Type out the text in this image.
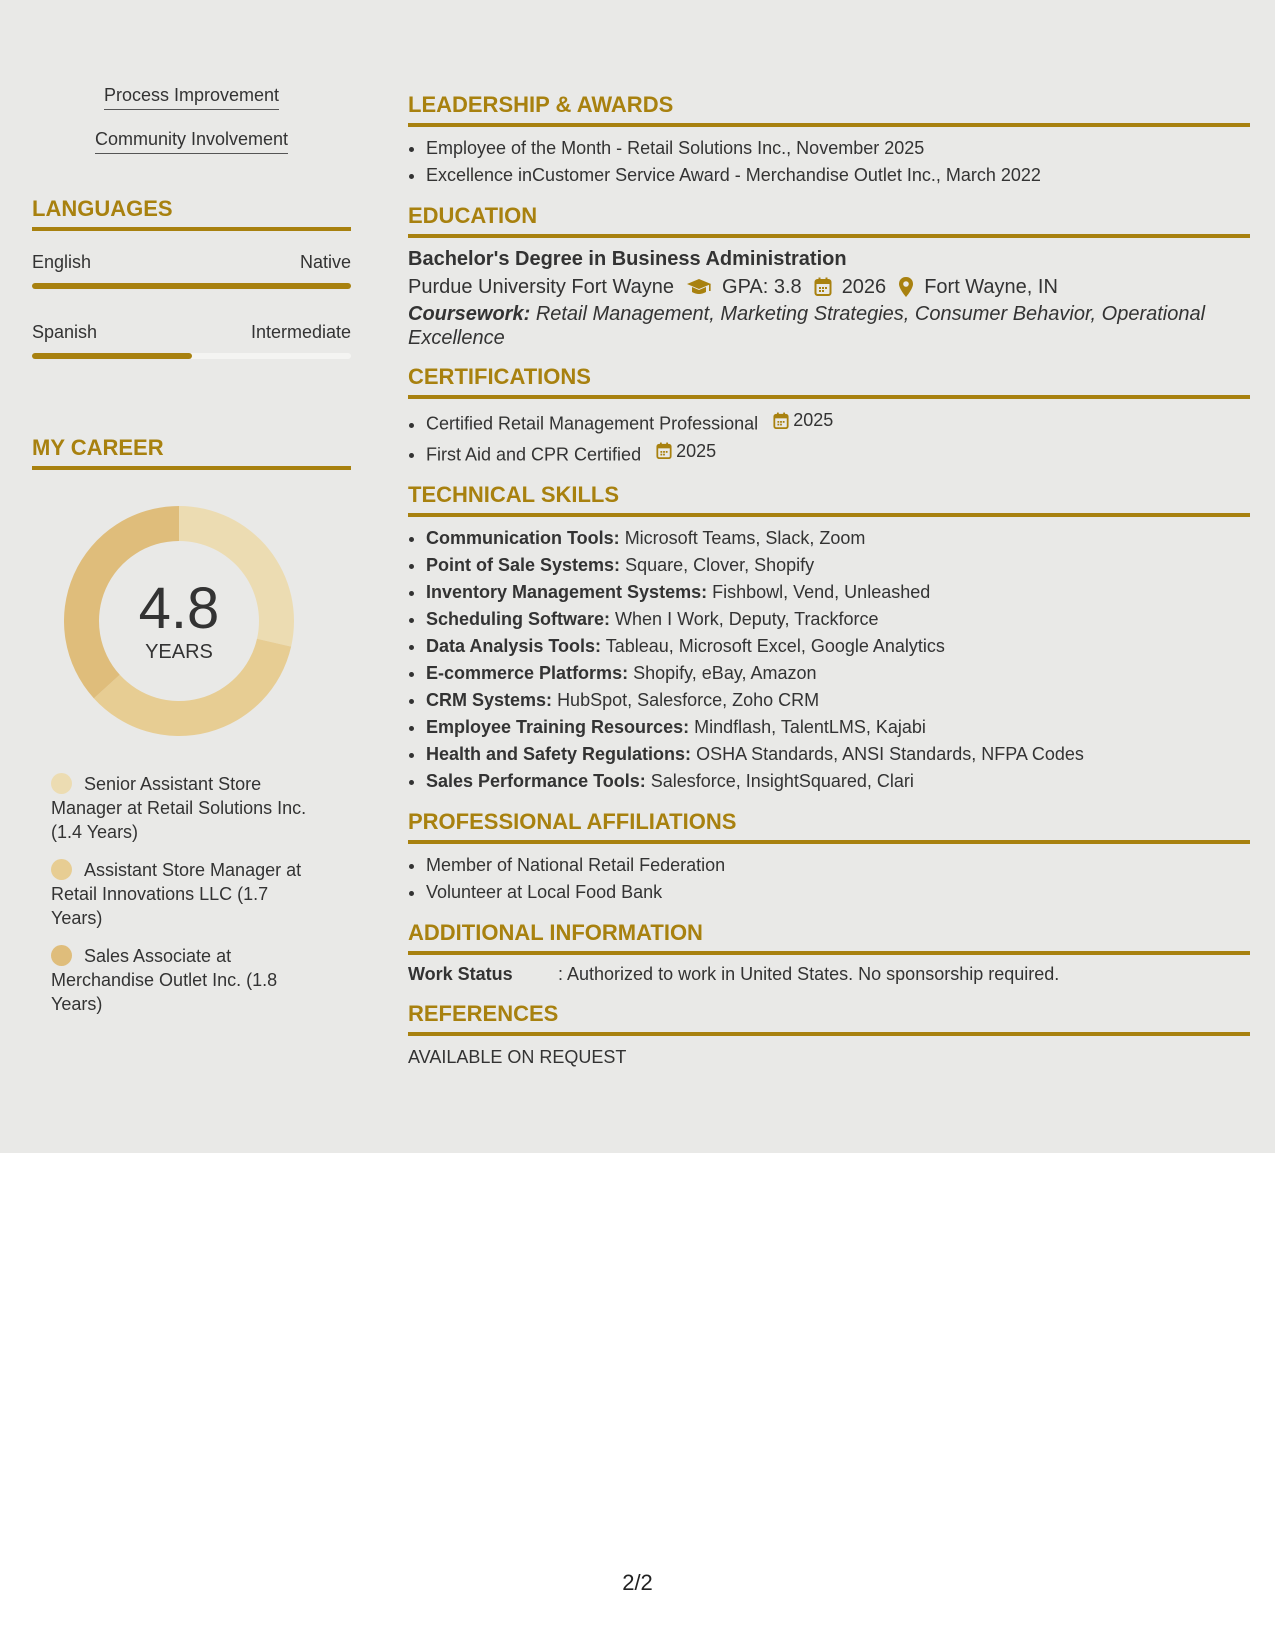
Process Improvement
Community Involvement
LANGUAGES
English	Native
Spanish	Intermediate
MY CAREER
4.8
YEARS
Senior Assistant Store Manager at Retail Solutions Inc. (1.4 Years)
Assistant Store Manager at Retail Innovations LLC (1.7 Years)
Sales Associate at Merchandise Outlet Inc. (1.8 Years)
LEADERSHIP & AWARDS
• Employee of the Month - Retail Solutions Inc., November 2025
• Excellence inCustomer Service Award - Merchandise Outlet Inc., March 2022
EDUCATION
Bachelor's Degree in Business Administration
Purdue University Fort Wayne GPA: 3.8 2026 Fort Wayne, IN
Coursework: Retail Management, Marketing Strategies, Consumer Behavior, Operational Excellence
CERTIFICATIONS
• Certified Retail Management Professional 2025
• First Aid and CPR Certified 2025
TECHNICAL SKILLS
• Communication Tools: Microsoft Teams, Slack, Zoom
• Point of Sale Systems: Square, Clover, Shopify
• Inventory Management Systems: Fishbowl, Vend, Unleashed
• Scheduling Software: When I Work, Deputy, Trackforce
• Data Analysis Tools: Tableau, Microsoft Excel, Google Analytics
• E-commerce Platforms: Shopify, eBay, Amazon
• CRM Systems: HubSpot, Salesforce, Zoho CRM
• Employee Training Resources: Mindflash, TalentLMS, Kajabi
• Health and Safety Regulations: OSHA Standards, ANSI Standards, NFPA Codes
• Sales Performance Tools: Salesforce, InsightSquared, Clari
PROFESSIONAL AFFILIATIONS
• Member of National Retail Federation
• Volunteer at Local Food Bank
ADDITIONAL INFORMATION
Work Status	: Authorized to work in United States. No sponsorship required.
REFERENCES
AVAILABLE ON REQUEST
2/2
